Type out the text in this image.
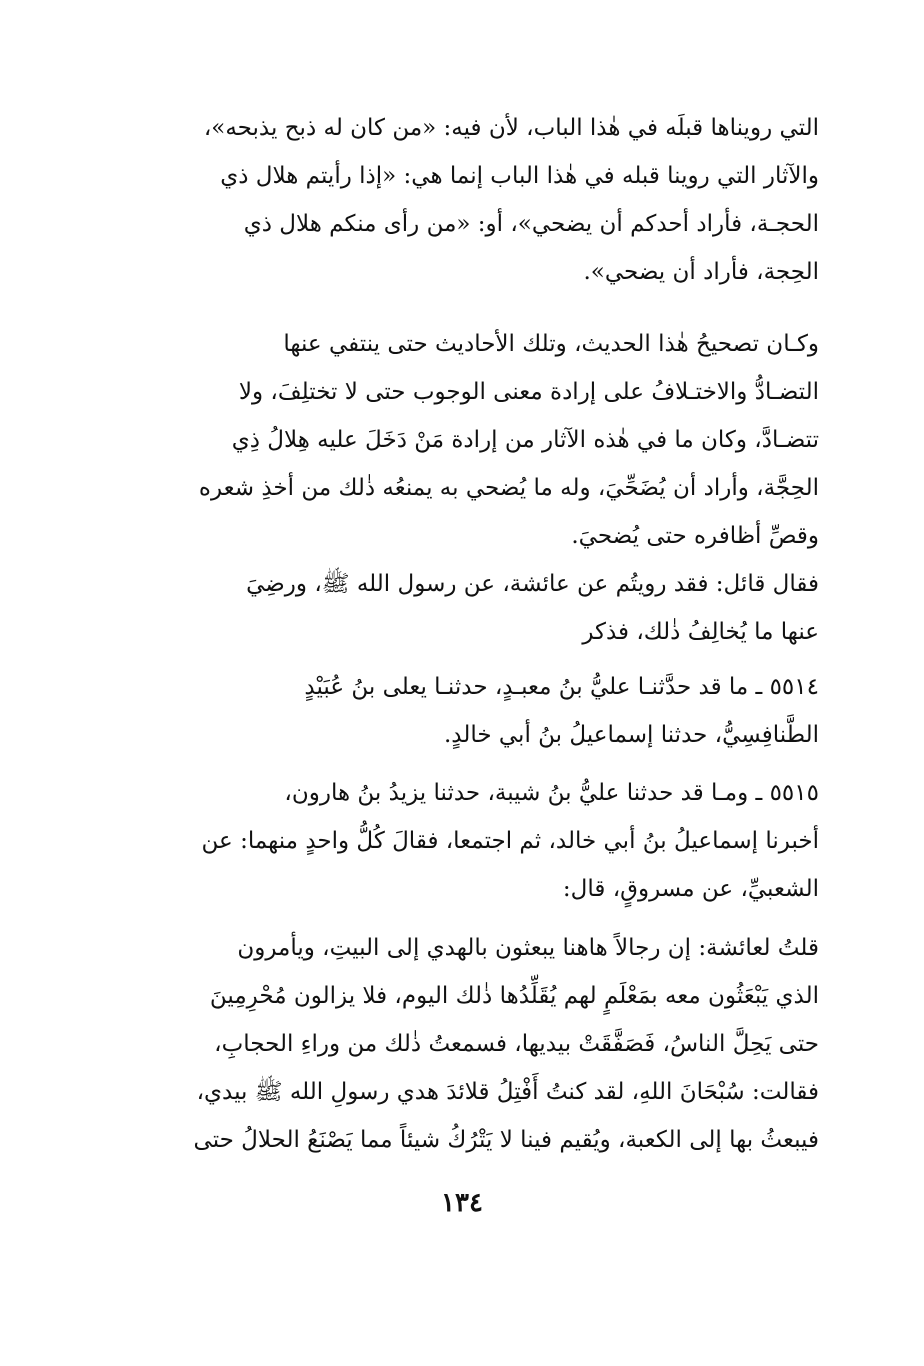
التي رويناها قبلَه في هٰذا الباب، لأن فيه: «من كان له ذبح يذبحه»،
والآثار التي روينا قبله في هٰذا الباب إنما هي: «إذا رأيتم هلال ذي
الحجـة، فأراد أحدكم أن يضحي»، أو: «من رأى منكم هلال ذي
الحِجة، فأراد أن يضحي».
وكـان تصحيحُ هٰذا الحديث، وتلك الأحاديث حتى ينتفي عنها
التضـادُّ والاختـلافُ على إرادة معنى الوجوب حتى لا تختلِفَ، ولا
تتضـادَّ، وكان ما في هٰذه الآثار من إرادة مَنْ دَخَلَ عليه هِلالُ ذِي
الحِجَّة، وأراد أن يُضَحِّيَ، وله ما يُضحي به يمنعُه ذٰلك من أخذِ شعره
وقصِّ أظافره حتى يُضحيَ.
فقال قائل: فقد رويتُم عن عائشة، عن رسول الله ﷺ، ورضِيَ
عنها ما يُخالِفُ ذٰلك، فذكر
٥٥١٤ ـ ما قد حدَّثنـا عليُّ بنُ معبـدٍ، حدثنـا يعلى بنُ عُبَيْدٍ
الطَّنافِسِيُّ، حدثنا إسماعيلُ بنُ أبي خالدٍ.
٥٥١٥ ـ ومـا قد حدثنا عليُّ بنُ شيبة، حدثنا يزيدُ بنُ هارون،
أخبرنا إسماعيلُ بنُ أبي خالد، ثم اجتمعا، فقالَ كُلُّ واحدٍ منهما: عن
الشعبيِّ، عن مسروقٍ، قال:
قلتُ لعائشة: إن رجالاً هاهنا يبعثون بالهدي إلى البيتِ، ويأمرون
الذي يَبْعَثُون معه بمَعْلَمٍ لهم يُقَلِّدُها ذٰلك اليوم، فلا يزالون مُحْرِمِينَ
حتى يَحِلَّ الناسُ، فَصَفَّقَتْ بيديها، فسمعتُ ذٰلك من وراءِ الحجابِ،
فقالت: سُبْحَانَ اللهِ، لقد كنتُ أَفْتِلُ قلائدَ هدي رسولِ الله ﷺ بيدي،
فيبعثُ بها إلى الكعبة، ويُقيم فينا لا يَتْرُكُ شيئاً مما يَصْنَعُ الحلالُ حتى
١٣٤
